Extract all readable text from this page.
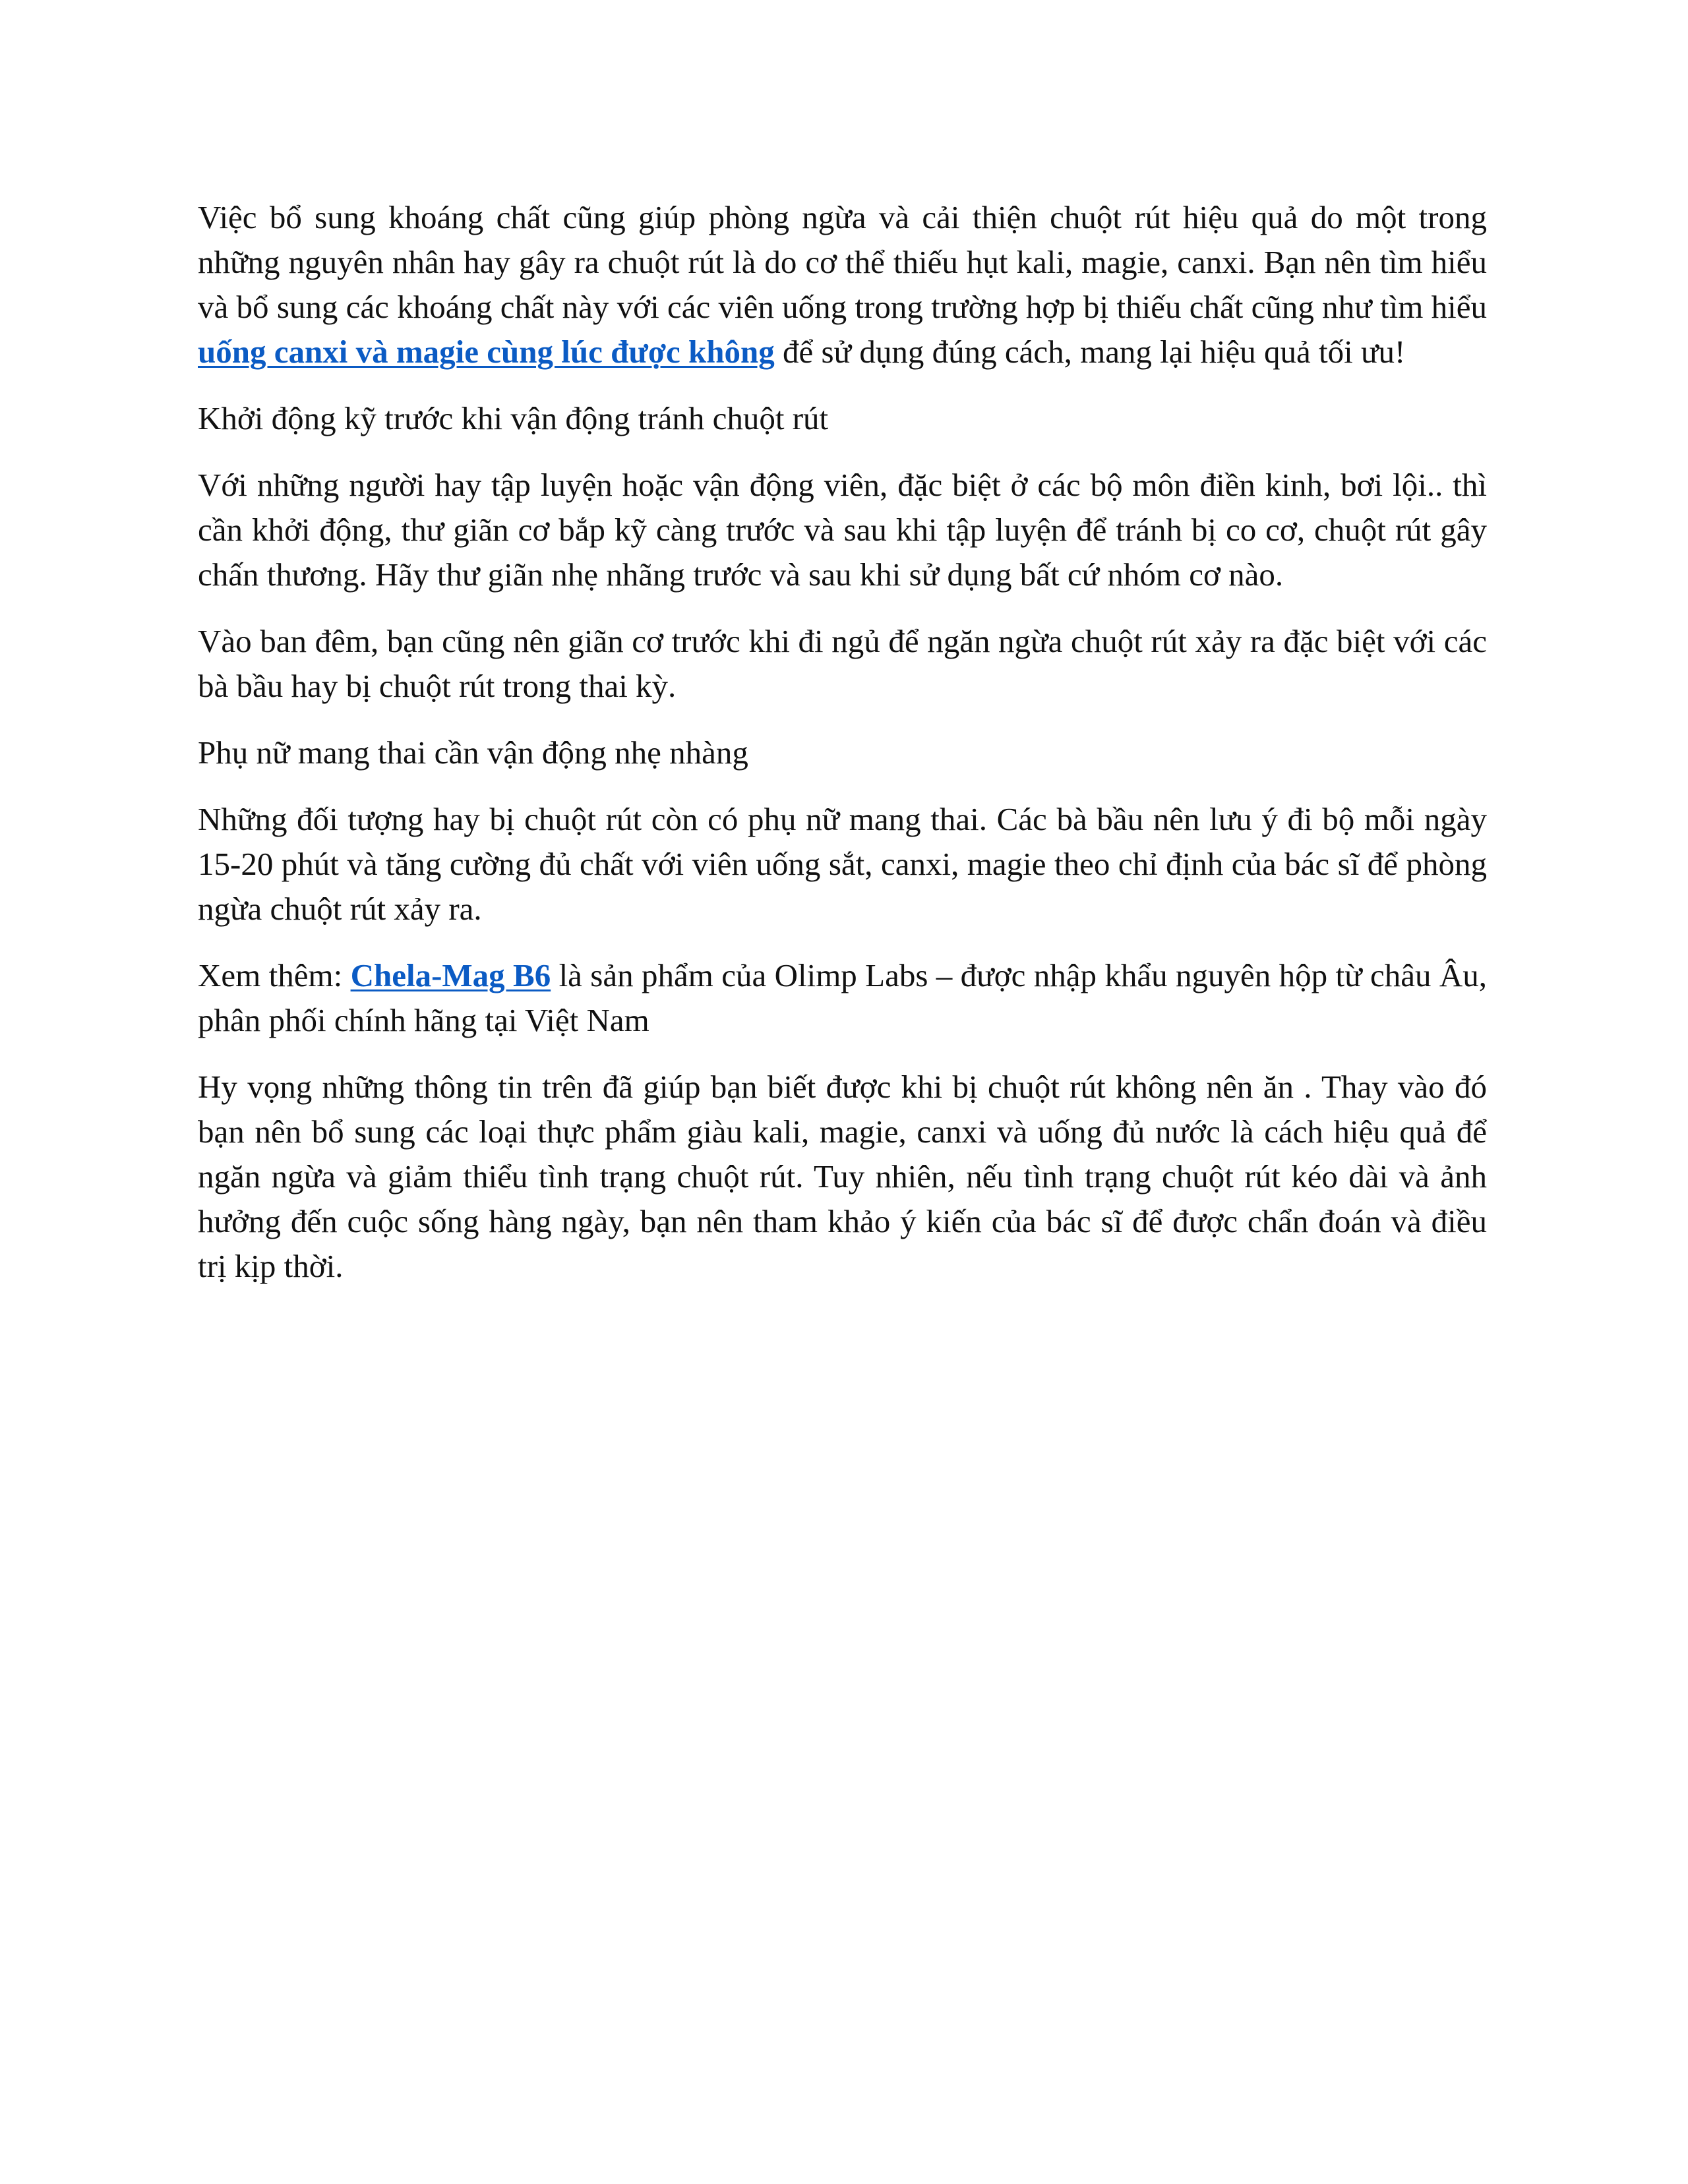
Việc bổ sung khoáng chất cũng giúp phòng ngừa và cải thiện chuột rút hiệu quả do một trong những nguyên nhân hay gây ra chuột rút là do cơ thể thiếu hụt kali, magie, canxi. Bạn nên tìm hiểu và bổ sung các khoáng chất này với các viên uống trong trường hợp bị thiếu chất cũng như tìm hiểu uống canxi và magie cùng lúc được không để sử dụng đúng cách, mang lại hiệu quả tối ưu!

Khởi động kỹ trước khi vận động tránh chuột rút

Với những người hay tập luyện hoặc vận động viên, đặc biệt ở các bộ môn điền kinh, bơi lội.. thì cần khởi động, thư giãn cơ bắp kỹ càng trước và sau khi tập luyện để tránh bị co cơ, chuột rút gây chấn thương. Hãy thư giãn nhẹ nhãng trước và sau khi sử dụng bất cứ nhóm cơ nào.

Vào ban đêm, bạn cũng nên giãn cơ trước khi đi ngủ để ngăn ngừa chuột rút xảy ra đặc biệt với các bà bầu hay bị chuột rút trong thai kỳ.

Phụ nữ mang thai cần vận động nhẹ nhàng

Những đối tượng hay bị chuột rút còn có phụ nữ mang thai. Các bà bầu nên lưu ý đi bộ mỗi ngày 15-20 phút và tăng cường đủ chất với viên uống sắt, canxi, magie theo chỉ định của bác sĩ để phòng ngừa chuột rút xảy ra.

Xem thêm: Chela-Mag B6 là sản phẩm của Olimp Labs – được nhập khẩu nguyên hộp từ châu Âu, phân phối chính hãng tại Việt Nam

Hy vọng những thông tin trên đã giúp bạn biết được khi bị chuột rút không nên ăn . Thay vào đó bạn nên bổ sung các loại thực phẩm giàu kali, magie, canxi và uống đủ nước là cách hiệu quả để ngăn ngừa và giảm thiểu tình trạng chuột rút. Tuy nhiên, nếu tình trạng chuột rút kéo dài và ảnh hưởng đến cuộc sống hàng ngày, bạn nên tham khảo ý kiến của bác sĩ để được chẩn đoán và điều trị kịp thời.
